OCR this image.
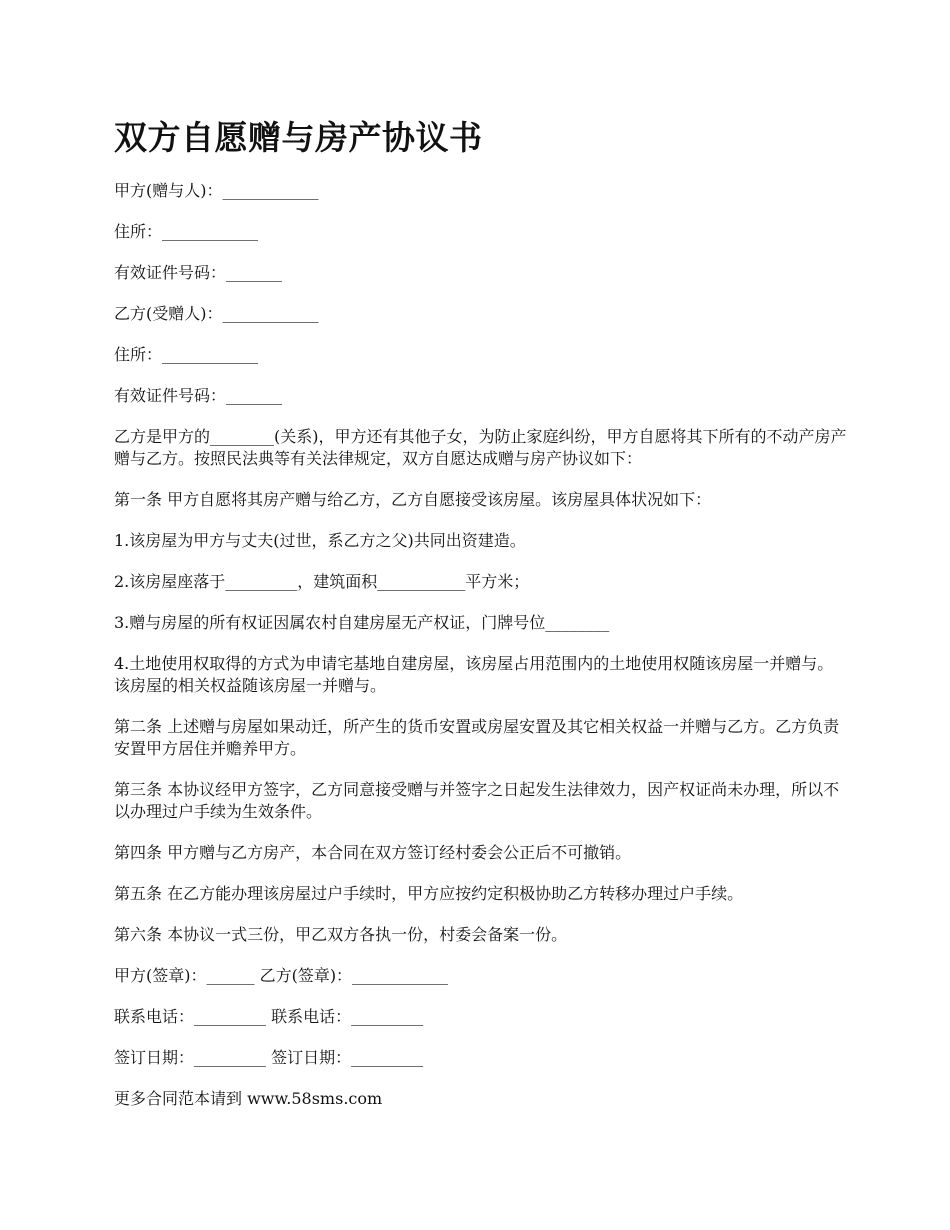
双方自愿赠与房产协议书

甲方(赠与人)：____________

住所：____________

有效证件号码：_______

乙方(受赠人)：____________

住所：____________

有效证件号码：_______

乙方是甲方的________(关系)，甲方还有其他子女，为防止家庭纠纷，甲方自愿将其下所有的不动产房产赠与乙方。按照民法典等有关法律规定，双方自愿达成赠与房产协议如下：

第一条 甲方自愿将其房产赠与给乙方，乙方自愿接受该房屋。该房屋具体状况如下：

1.该房屋为甲方与丈夫(过世，系乙方之父)共同出资建造。

2.该房屋座落于_________，建筑面积___________平方米；

3.赠与房屋的所有权证因属农村自建房屋无产权证，门牌号位________

4.土地使用权取得的方式为申请宅基地自建房屋，该房屋占用范围内的土地使用权随该房屋一并赠与。该房屋的相关权益随该房屋一并赠与。

第二条 上述赠与房屋如果动迁，所产生的货币安置或房屋安置及其它相关权益一并赠与乙方。乙方负责安置甲方居住并赡养甲方。

第三条 本协议经甲方签字，乙方同意接受赠与并签字之日起发生法律效力，因产权证尚未办理，所以不以办理过户手续为生效条件。

第四条 甲方赠与乙方房产，本合同在双方签订经村委会公正后不可撤销。

第五条 在乙方能办理该房屋过户手续时，甲方应按约定积极协助乙方转移办理过户手续。

第六条 本协议一式三份，甲乙双方各执一份，村委会备案一份。

甲方(签章)：______ 乙方(签章)：____________

联系电话：_________ 联系电话：_________

签订日期：_________ 签订日期：_________

更多合同范本请到 www.58sms.com
